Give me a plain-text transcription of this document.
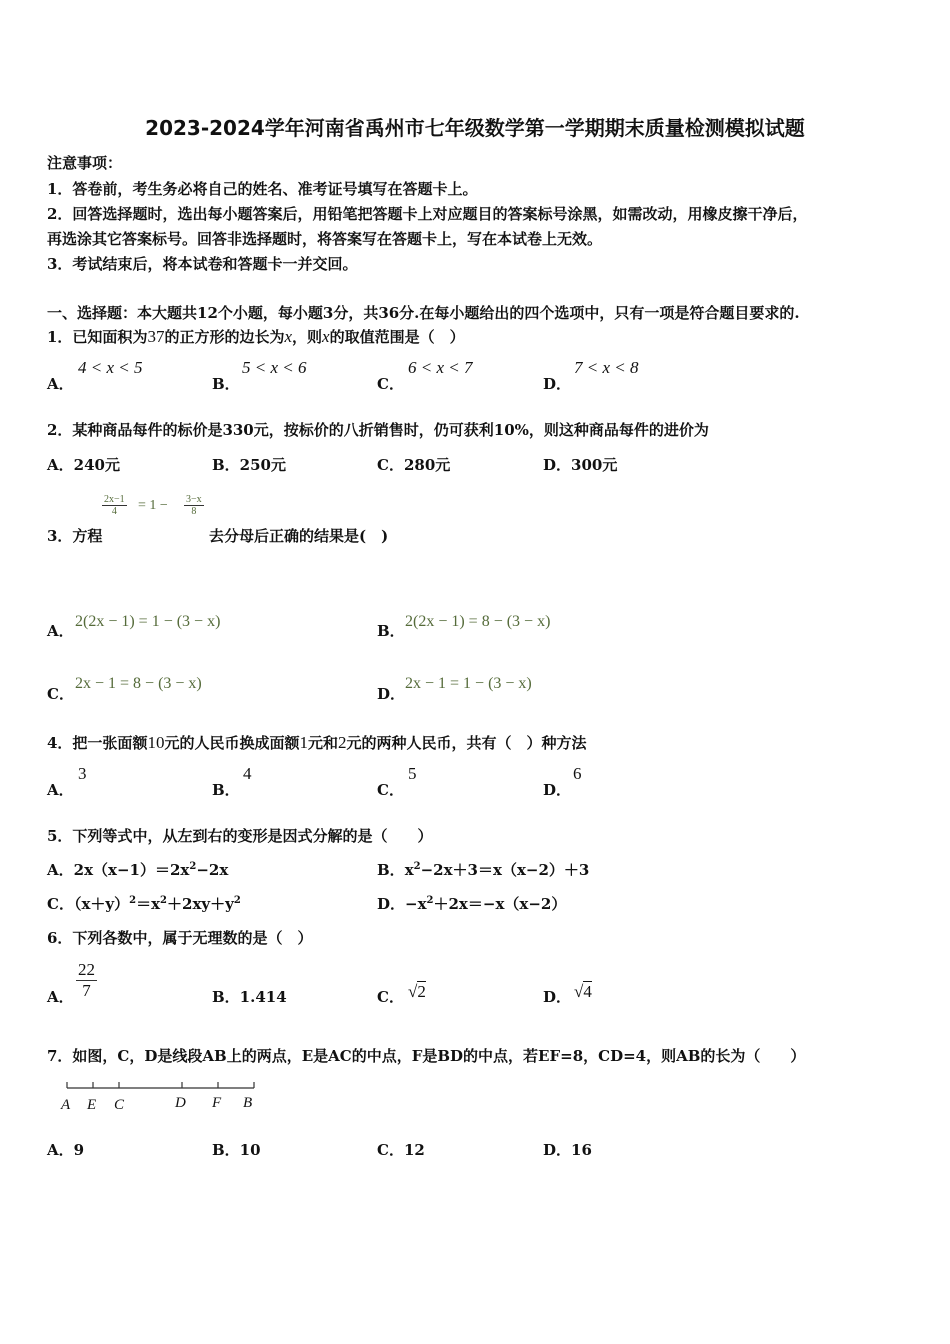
2023-2024学年河南省禹州市七年级数学第一学期期末质量检测模拟试题
注意事项：
1．答卷前，考生务必将自己的姓名、准考证号填写在答题卡上。
2．回答选择题时，选出每小题答案后，用铅笔把答题卡上对应题目的答案标号涂黑，如需改动，用橡皮擦干净后，
再选涂其它答案标号。回答非选择题时，将答案写在答题卡上，写在本试卷上无效。
3．考试结束后，将本试卷和答题卡一并交回。
一、选择题：本大题共12个小题，每小题3分，共36分.在每小题给出的四个选项中，只有一项是符合题目要求的.
1．已知面积为37的正方形的边长为x，则x的取值范围是（　）
A．
4 < x < 5
B．
5 < x < 6
C．
6 < x < 7
D．
7 < x < 8
2．某种商品每件的标价是330元，按标价的八折销售时，仍可获利10%，则这种商品每件的进价为
A．240元	B．250元	C．280元	D．300元
$\frac{2x-1}{4} = 1 - \frac{3-x}{8}$
3．方程	去分母后正确的结果是(　)
A．
2(2x − 1) = 1 − (3 − x)
B．
2(2x − 1) = 8 − (3 − x)
C．
2x − 1 = 8 − (3 − x)
D．
2x − 1 = 1 − (3 − x)
4．把一张面额10元的人民币换成面额1元和2元的两种人民币，共有（　）种方法
A．
3
B．
4
C．
5
D．
6
5．下列等式中，从左到右的变形是因式分解的是（　　）
A．$2x(x-1)=2x^2-2x$	B．$x^2-2x+3=x(x-2)+3$
C．$(x+y)^2=x^2+2xy+y^2$	D．$-x^2+2x=-x(x-2)$
6．下列各数中，属于无理数的是（　）
A． $\frac{22}{7}$	B．1.414	C． √2	D． √4
7．如图，C，D是线段AB上的两点，E是AC的中点，F是BD的中点，若EF=8，CD=4，则AB的长为（　　）
A E C	D F B
A．9	B．10	C．12	D．16
